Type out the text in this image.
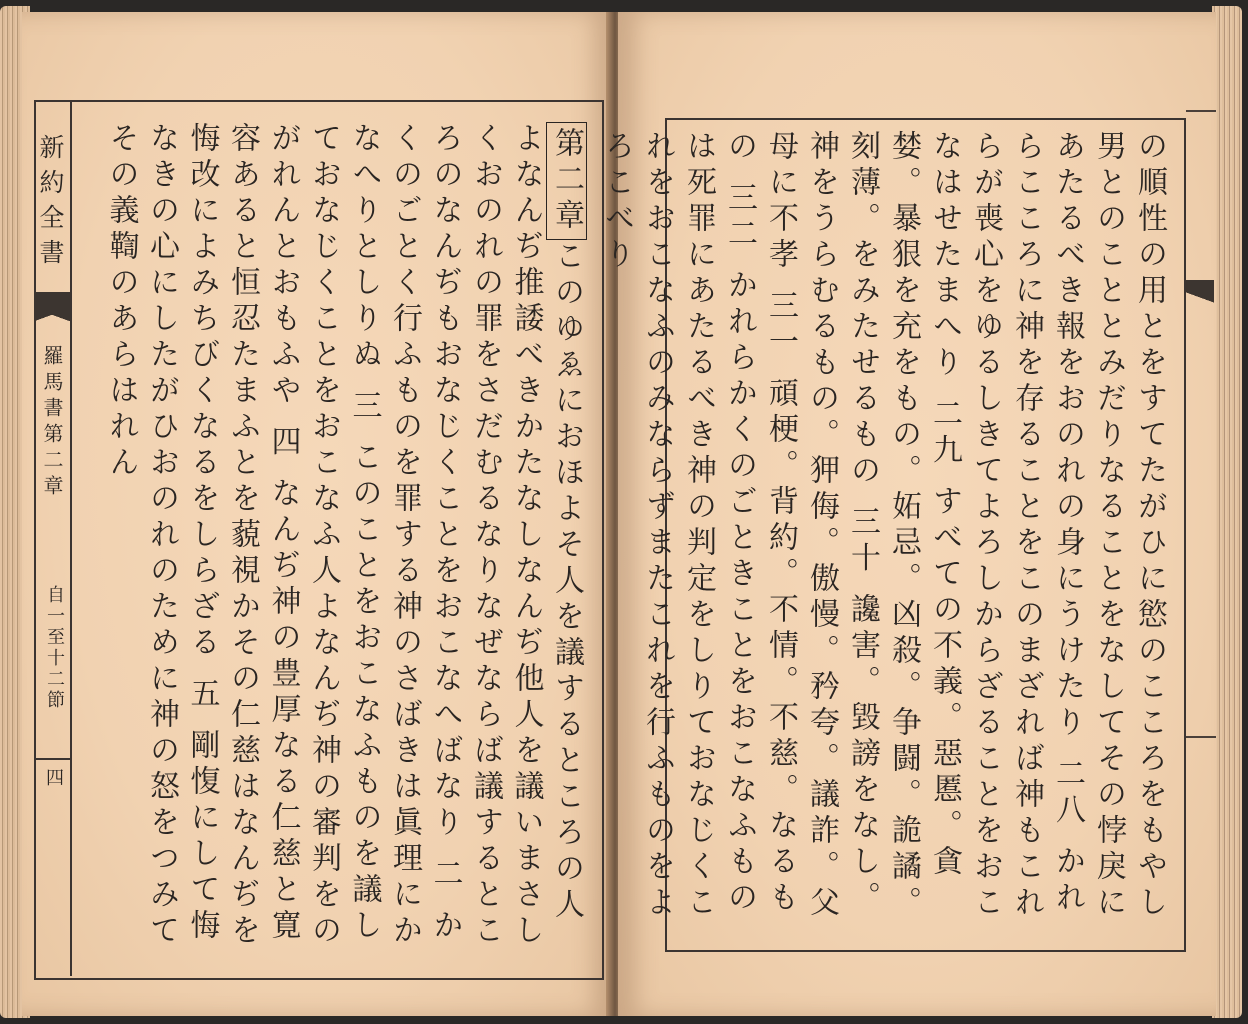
新約全書
羅馬書第二章
自一至十二節
四
第二章このゆゑにおほよそ人を議するところの人よなんぢ推諉べきかたなしなんぢ他人を議いまさしくおのれの罪をさだむるなりなぜならば議するところのなんぢもおなじくことをおこなへばなり 二 かくのごとく行ふものを罪する神のさばきは眞理にかなへりとしりぬ 三 このことをおこなふものを議しておなじくことをおこなふ人よなんぢ神の審判をのがれんとおもふや 四 なんぢ神の豊厚なる仁慈と寛容あると恒忍たまふとを藐視かその仁慈はなんぢを悔改によみちびくなるをしらざる 五 剛愎にして悔なきの心にしたがひおのれのために神の怒をつみてその義鞫のあらはれん	の順性の用とをすてたがひに慾のこころをもやし男とのこととみだりなることをなしてその悖戾にあたるべき報をおのれの身にうけたり 二八 かれらこころに神を存ることをこのまざれば神もこれらが喪心をゆるしきてよろしからざることをおこなはせたまへり 二九 すべての不義。惡慝。貪婪。暴狠を充をもの。妬忌。凶殺。争闘。詭譎。刻薄。をみたせるもの 三十 讒害。毀謗をなし。神をうらむるもの。狎侮。傲慢。矜夸。議詐。父母に不孝 三一 頑梗。背約。不情。不慈。なるもの 三二 かれらかくのごときことをおこなふものは死罪にあたるべき神の判定をしりておなじくこれをおこなふのみならずまたこれを行ふものをよろこべり
